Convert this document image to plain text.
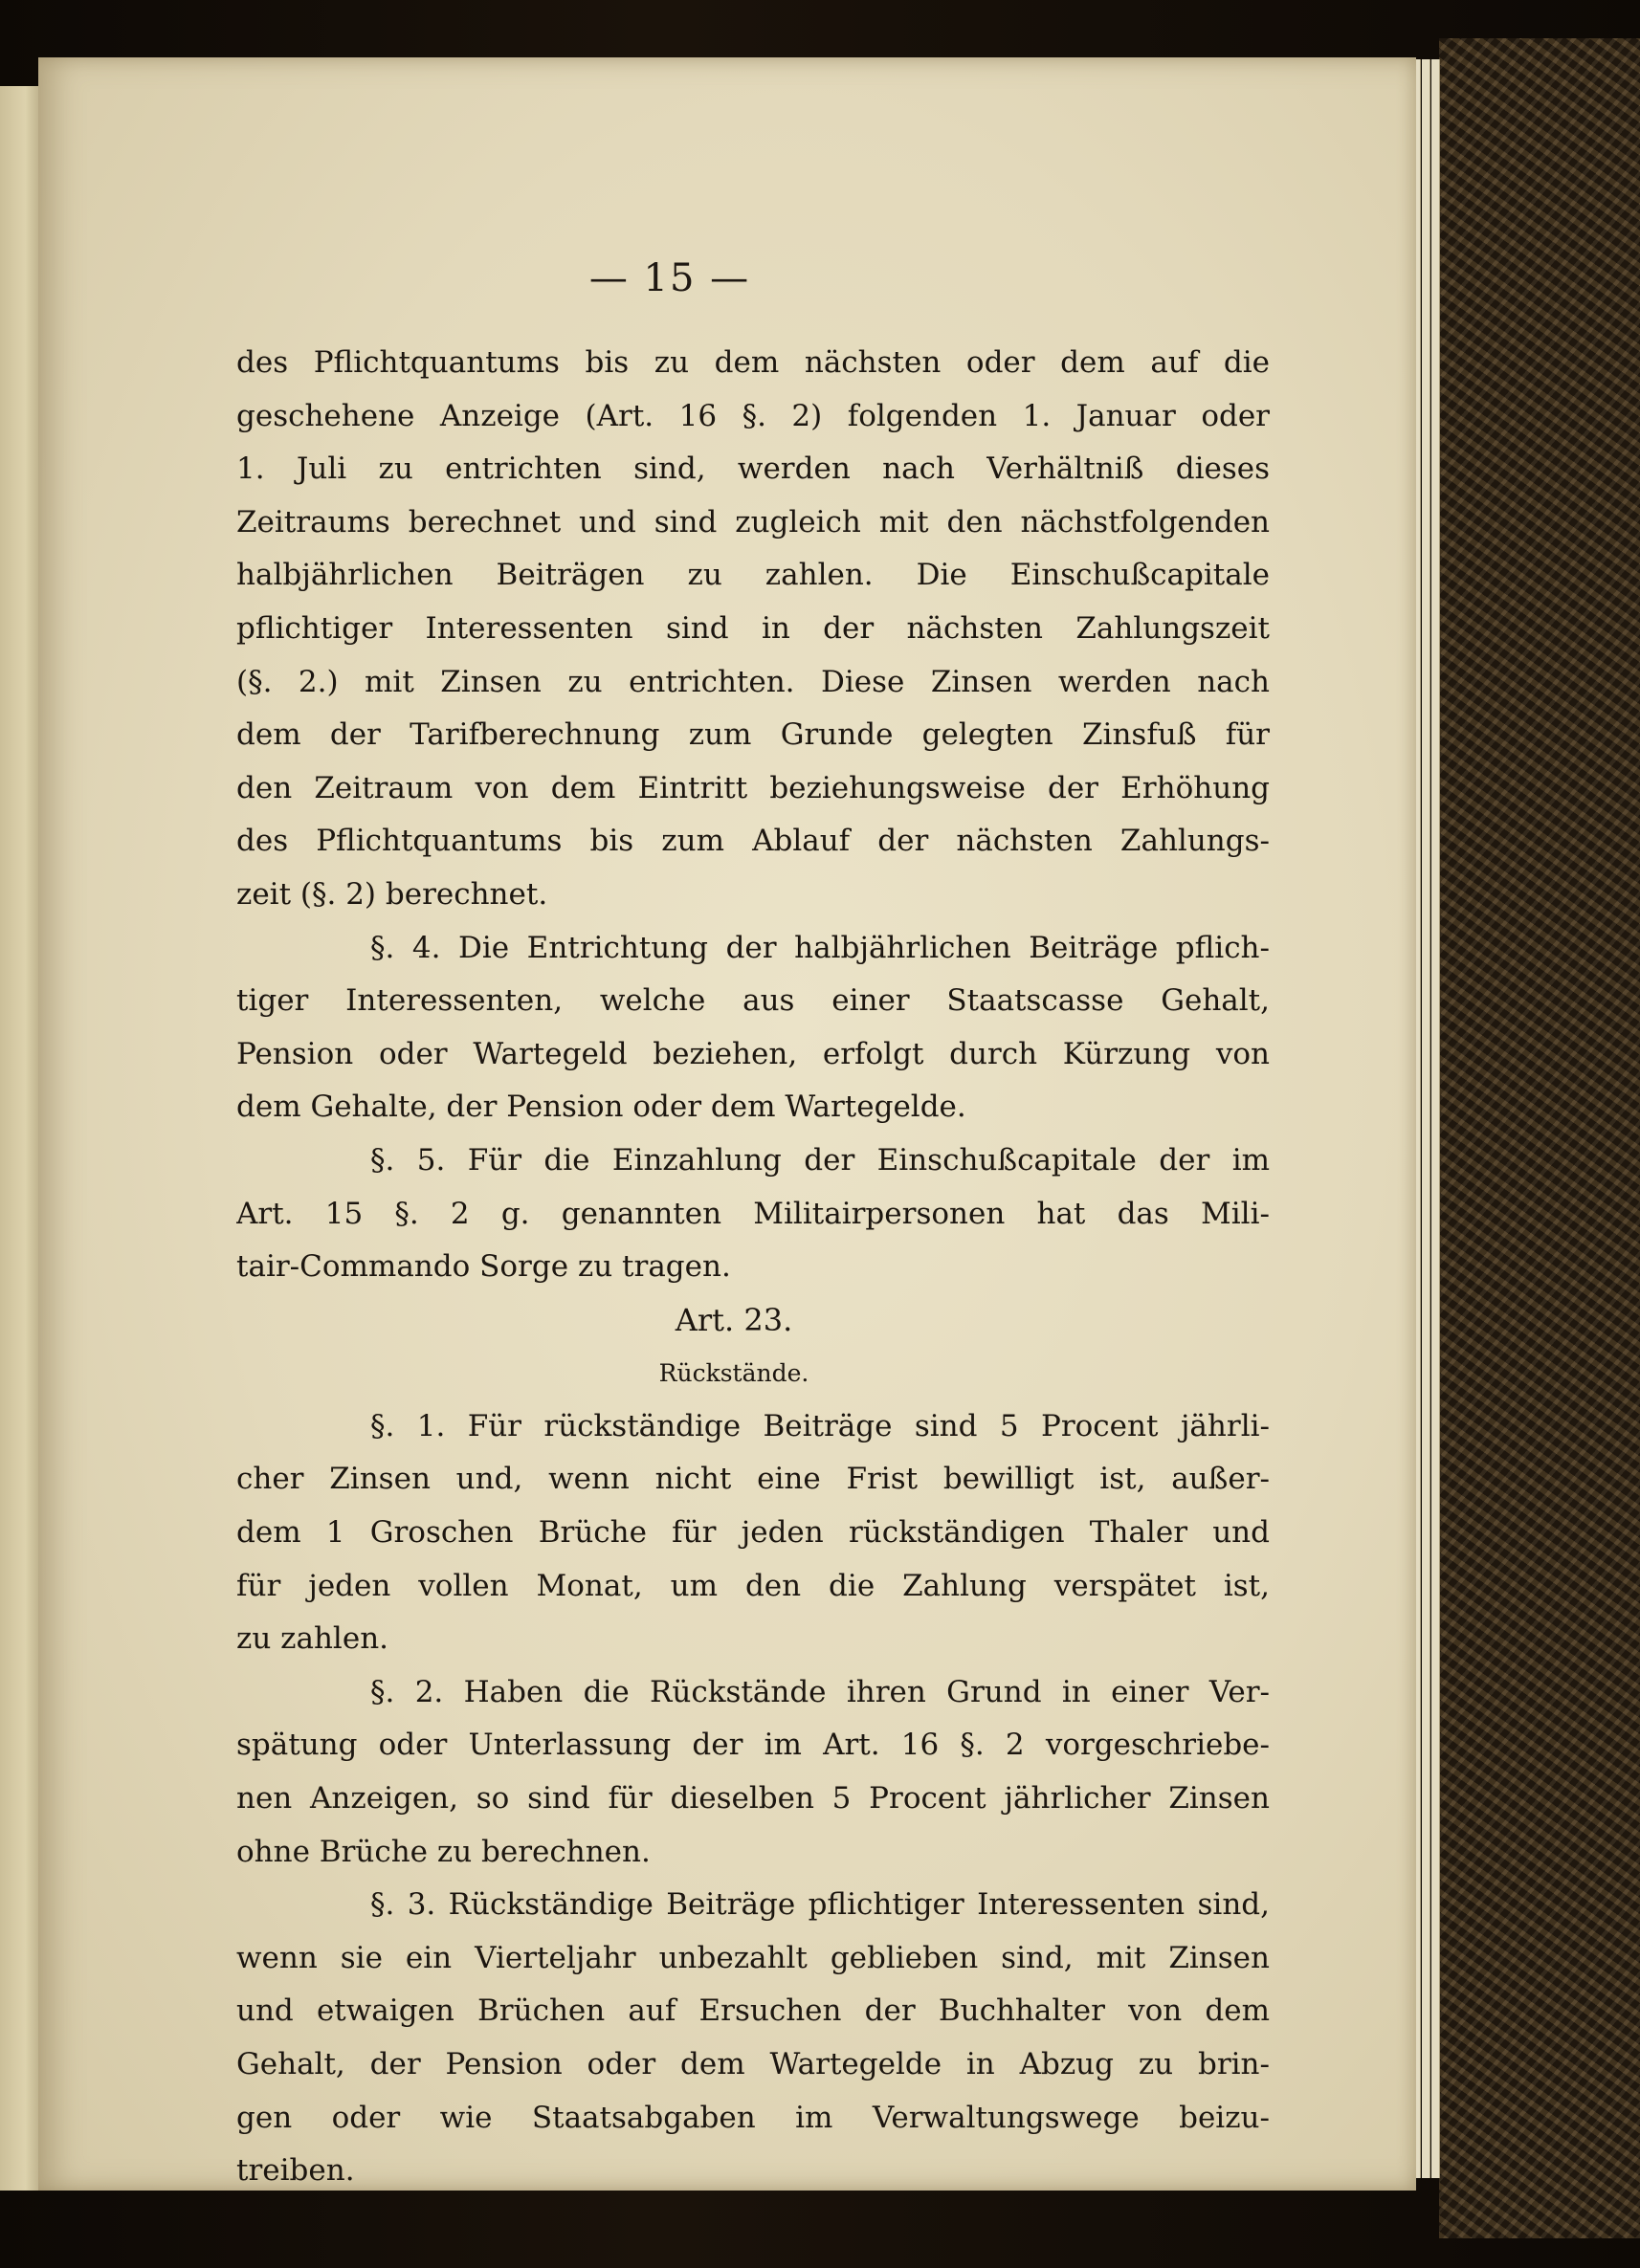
— 15 —
des Pflichtquantums bis zu dem nächsten oder dem auf die
geschehene Anzeige (Art. 16 §. 2) folgenden 1. Januar oder
1. Juli zu entrichten sind, werden nach Verhältniß dieses
Zeitraums berechnet und sind zugleich mit den nächstfolgenden
halbjährlichen Beiträgen zu zahlen. Die Einschußcapitale
pflichtiger Interessenten sind in der nächsten Zahlungszeit
(§. 2.) mit Zinsen zu entrichten. Diese Zinsen werden nach
dem der Tarifberechnung zum Grunde gelegten Zinsfuß für
den Zeitraum von dem Eintritt beziehungsweise der Erhöhung
des Pflichtquantums bis zum Ablauf der nächsten Zahlungs-
zeit (§. 2) berechnet.
§. 4. Die Entrichtung der halbjährlichen Beiträge pflich-
tiger Interessenten, welche aus einer Staatscasse Gehalt,
Pension oder Wartegeld beziehen, erfolgt durch Kürzung von
dem Gehalte, der Pension oder dem Wartegelde.
§. 5. Für die Einzahlung der Einschußcapitale der im
Art. 15 §. 2 g. genannten Militairpersonen hat das Mili-
tair-Commando Sorge zu tragen.
Art. 23.
Rückstände.
§. 1. Für rückständige Beiträge sind 5 Procent jährli-
cher Zinsen und, wenn nicht eine Frist bewilligt ist, außer-
dem 1 Groschen Brüche für jeden rückständigen Thaler und
für jeden vollen Monat, um den die Zahlung verspätet ist,
zu zahlen.
§. 2. Haben die Rückstände ihren Grund in einer Ver-
spätung oder Unterlassung der im Art. 16 §. 2 vorgeschriebe-
nen Anzeigen, so sind für dieselben 5 Procent jährlicher Zinsen
ohne Brüche zu berechnen.
§. 3. Rückständige Beiträge pflichtiger Interessenten sind,
wenn sie ein Vierteljahr unbezahlt geblieben sind, mit Zinsen
und etwaigen Brüchen auf Ersuchen der Buchhalter von dem
Gehalt, der Pension oder dem Wartegelde in Abzug zu brin-
gen oder wie Staatsabgaben im Verwaltungswege beizu-
treiben.
